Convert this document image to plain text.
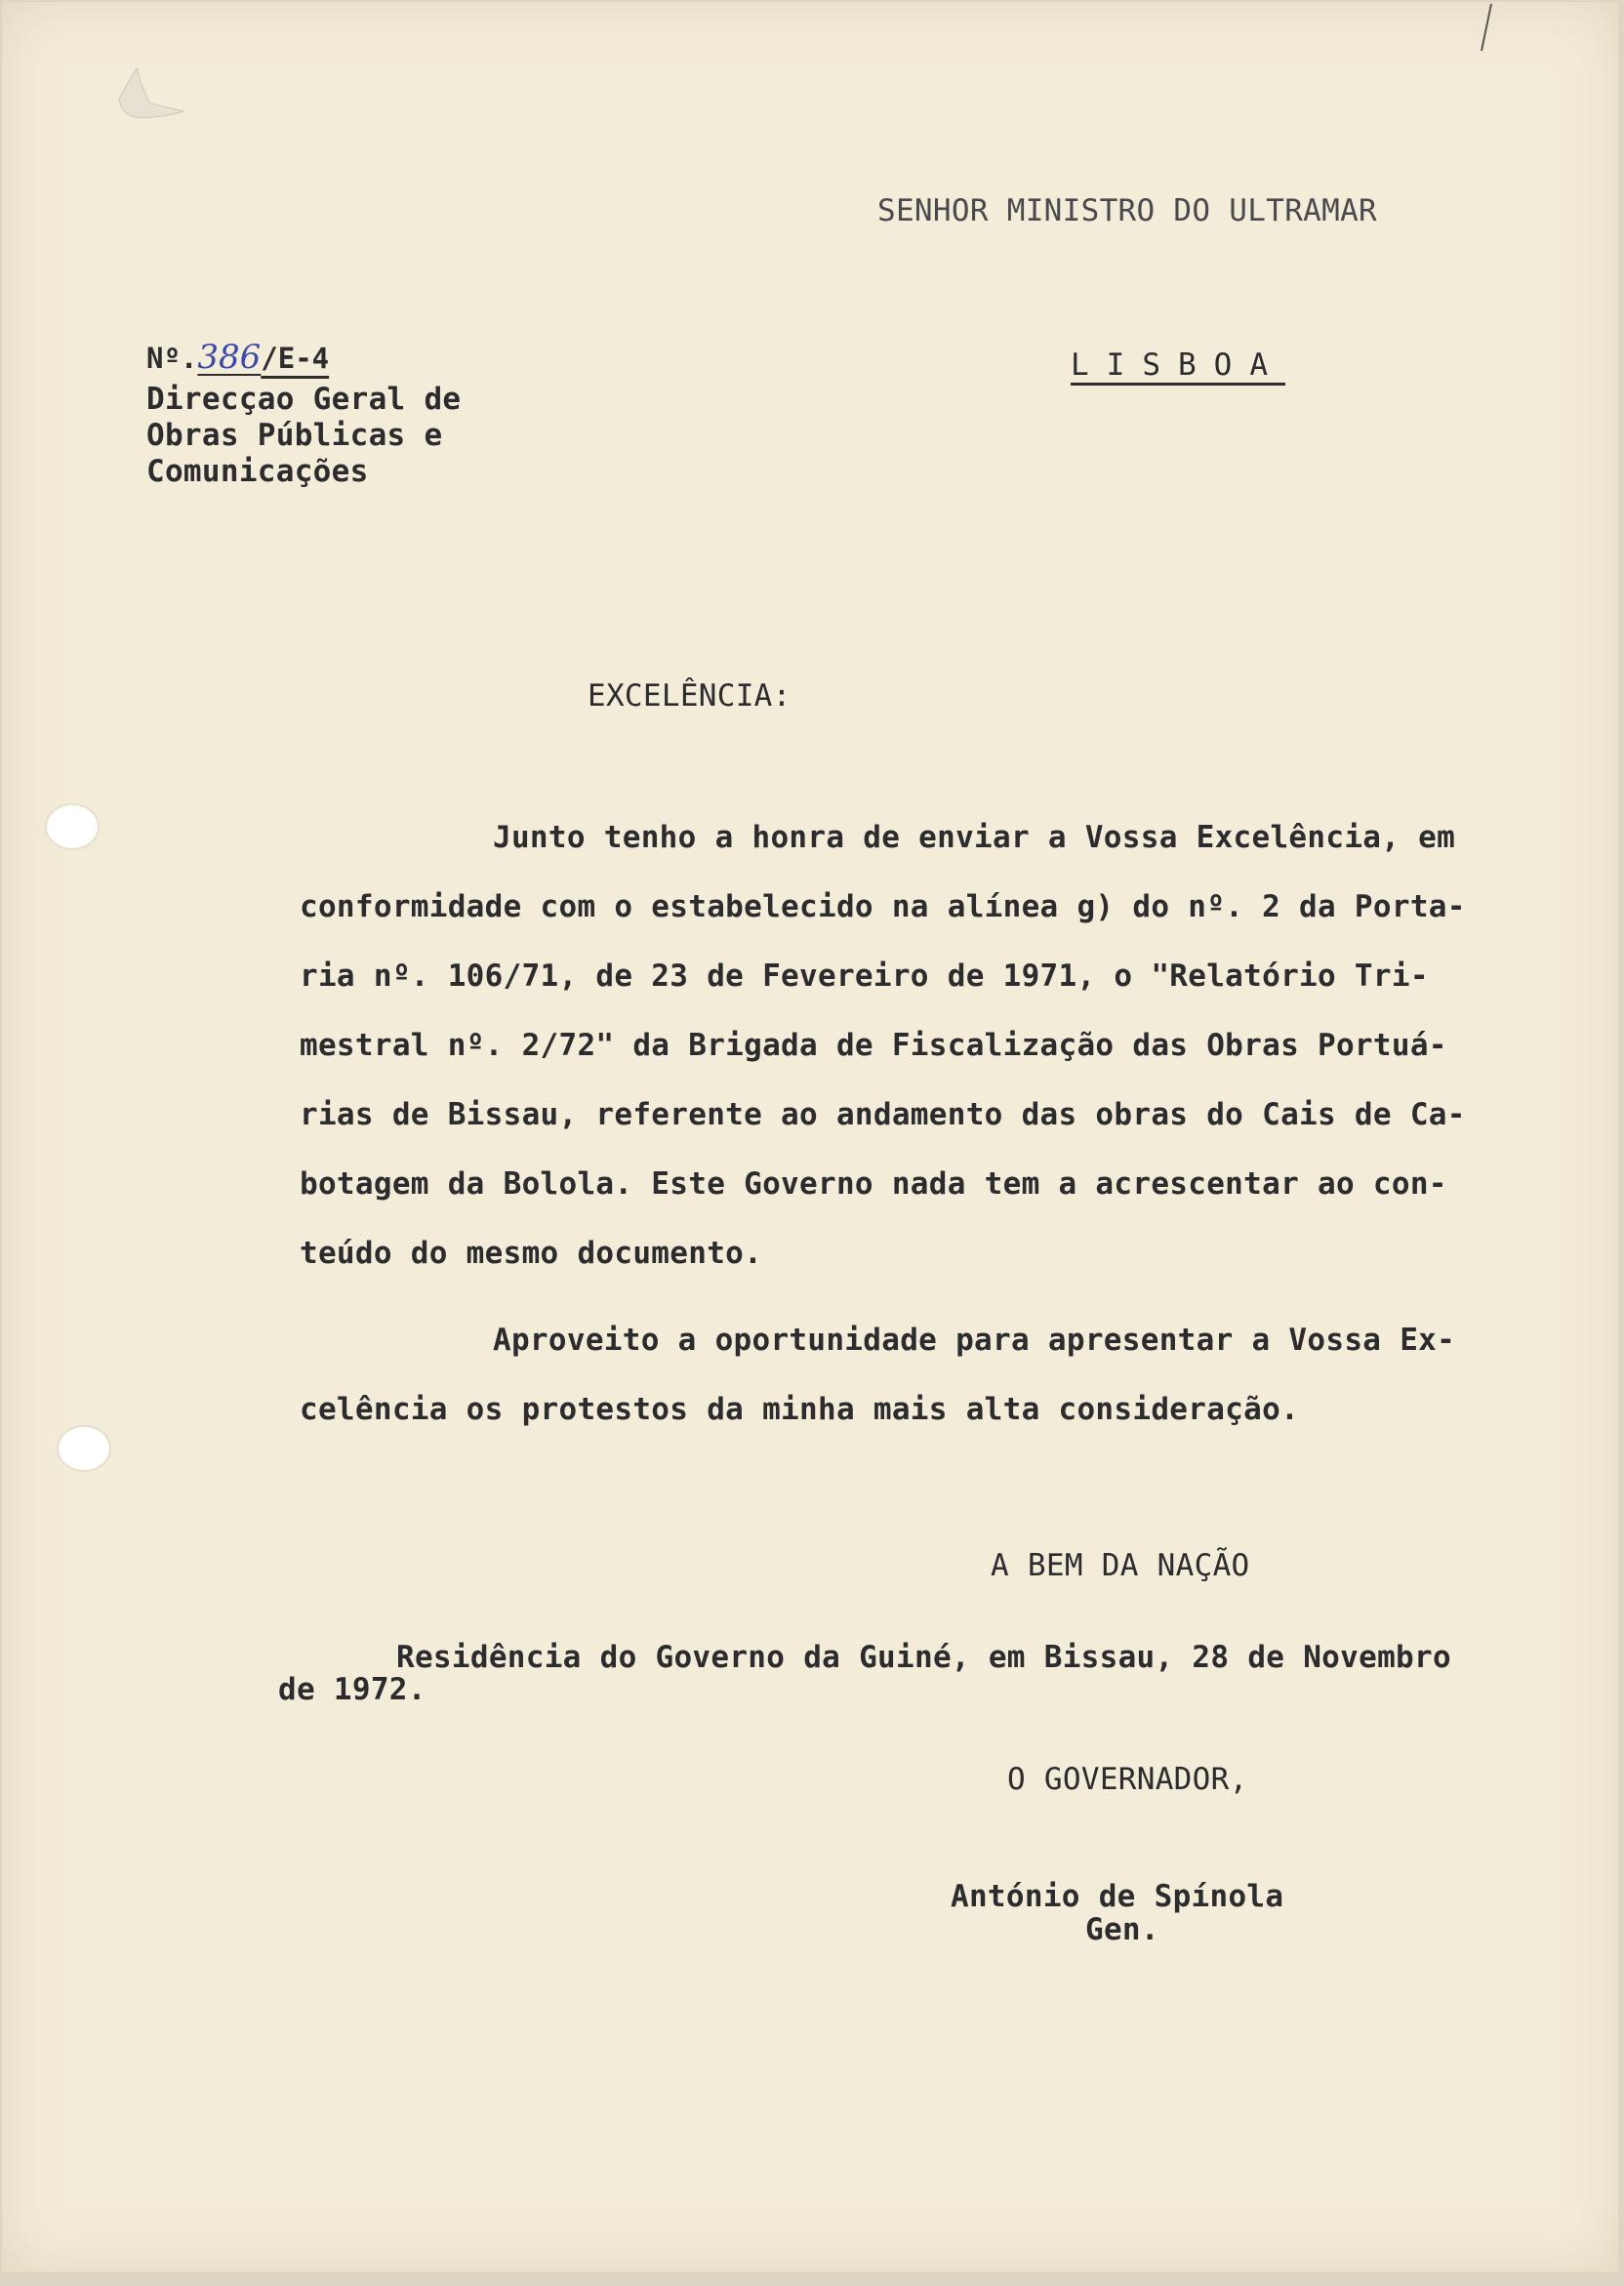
SENHOR MINISTRO DO ULTRAMAR
Nº.386/E-4	LISBOA
Direcçao Geral de
Obras Públicas e
Comunicações
EXCELÊNCIA:
Junto tenho a honra de enviar a Vossa Excelência, em
conformidade com o estabelecido na alínea g) do nº. 2 da Porta-
ria nº. 106/71, de 23 de Fevereiro de 1971, o "Relatório Tri-
mestral nº. 2/72" da Brigada de Fiscalização das Obras Portuá-
rias de Bissau, referente ao andamento das obras do Cais de Ca-
botagem da Bolola. Este Governo nada tem a acrescentar ao con-
teúdo do mesmo documento.
Aproveito a oportunidade para apresentar a Vossa Ex-
celência os protestos da minha mais alta consideração.
A BEM DA NAÇÃO
Residência do Governo da Guiné, em Bissau, 28 de Novembro
de 1972.
O GOVERNADOR,
António de Spínola
Gen.
